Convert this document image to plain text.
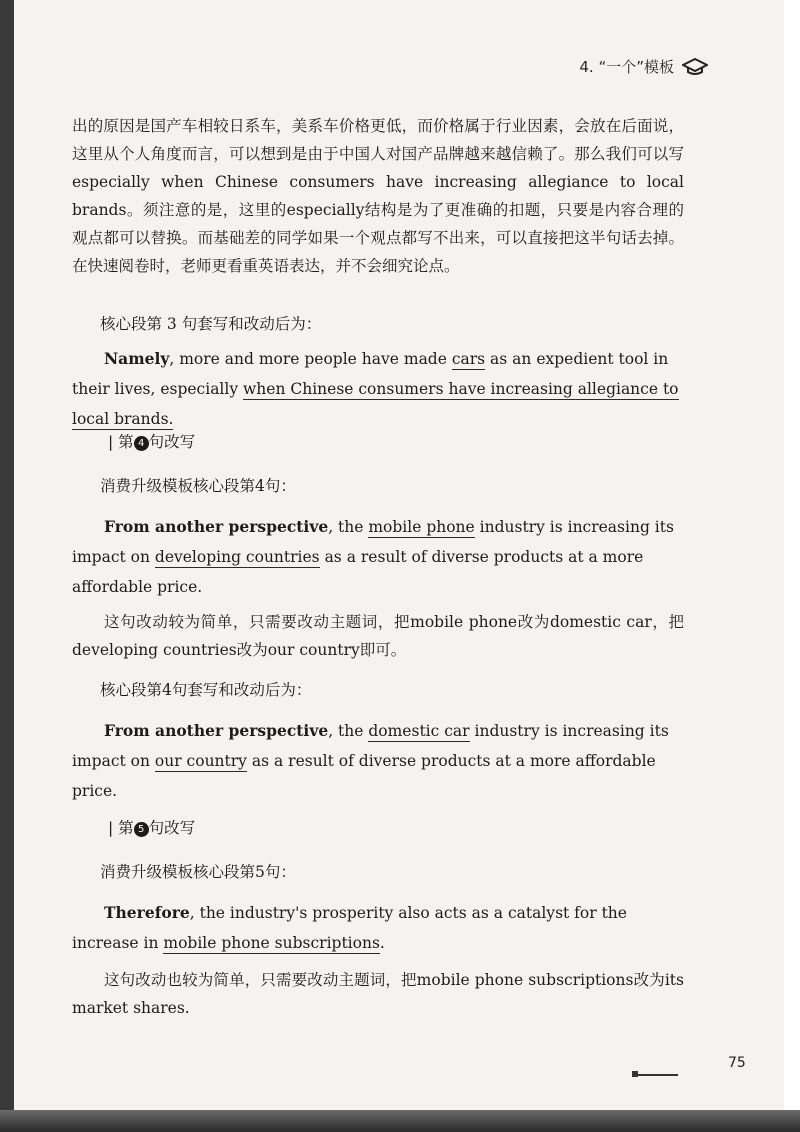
4. “一个”模板

出的原因是国产车相较日系车，美系车价格更低，而价格属于行业因素，会放在后面说，这里从个人角度而言，可以想到是由于中国人对国产品牌越来越信赖了。那么我们可以写 especially when Chinese consumers have increasing allegiance to local brands。须注意的是，这里的especially结构是为了更准确的扣题，只要是内容合理的观点都可以替换。而基础差的同学如果一个观点都写不出来，可以直接把这半句话去掉。在快速阅卷时，老师更看重英语表达，并不会细究论点。

核心段第 3 句套写和改动后为：

Namely, more and more people have made cars as an expedient tool in their lives, especially when Chinese consumers have increasing allegiance to local brands.

| 第 4 句改写

消费升级模板核心段第4句：

From another perspective, the mobile phone industry is increasing its impact on developing countries as a result of diverse products at a more affordable price.

这句改动较为简单，只需要改动主题词，把mobile phone改为domestic car，把developing countries改为our country即可。

核心段第4句套写和改动后为：

From another perspective, the domestic car industry is increasing its impact on our country as a result of diverse products at a more affordable price.

| 第 5 句改写

消费升级模板核心段第5句：

Therefore, the industry's prosperity also acts as a catalyst for the increase in mobile phone subscriptions.

这句改动也较为简单，只需要改动主题词，把mobile phone subscriptions改为its market shares.

75
